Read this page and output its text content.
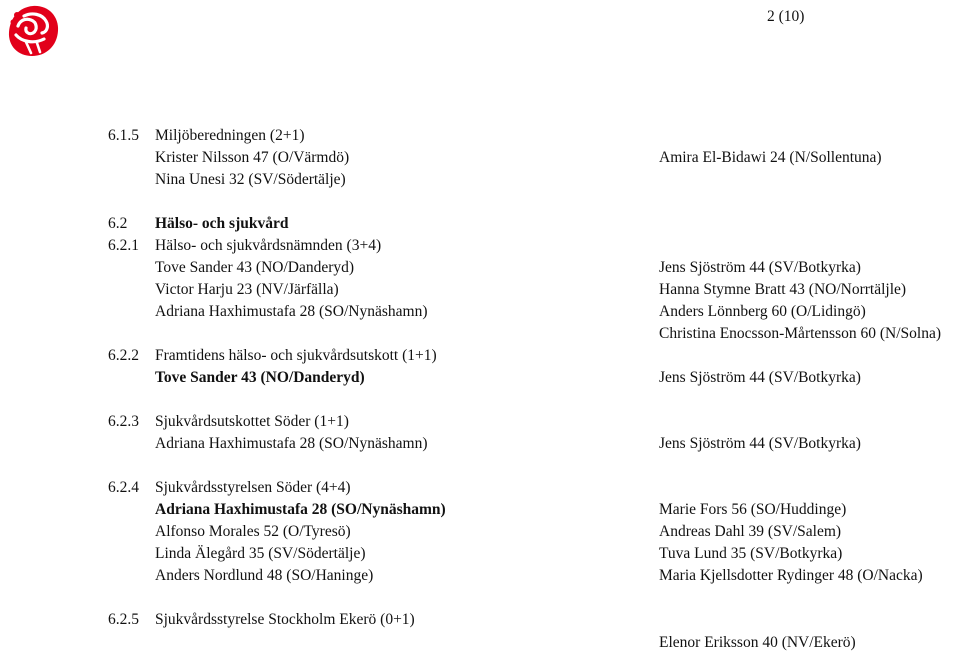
2 (10)
6.1.5 Miljöberedningen (2+1)
Krister Nilsson 47 (O/Värmdö)
Nina Unesi 32 (SV/Södertälje)
Amira El-Bidawi 24 (N/Sollentuna)
6.2 Hälso- och sjukvård
6.2.1 Hälso- och sjukvårdsnämnden (3+4)
Tove Sander 43 (NO/Danderyd)
Victor Harju 23 (NV/Järfälla)
Adriana Haxhimustafa 28 (SO/Nynäshamn)
Jens Sjöström 44 (SV/Botkyrka)
Hanna Stymne Bratt 43 (NO/Norrtäljle)
Anders Lönnberg 60 (O/Lidingö)
Christina Enocsson-Mårtensson 60 (N/Solna)
6.2.2 Framtidens hälso- och sjukvårdsutskott (1+1)
Tove Sander 43 (NO/Danderyd)	Jens Sjöström 44 (SV/Botkyrka)
6.2.3 Sjukvårdsutskottet Söder (1+1)
Adriana Haxhimustafa 28 (SO/Nynäshamn)	Jens Sjöström 44 (SV/Botkyrka)
6.2.4 Sjukvårdsstyrelsen Söder (4+4)
Adriana Haxhimustafa 28 (SO/Nynäshamn)
Alfonso Morales 52 (O/Tyresö)
Linda Älegård 35 (SV/Södertälje)
Anders Nordlund 48 (SO/Haninge)
Marie Fors 56 (SO/Huddinge)
Andreas Dahl 39 (SV/Salem)
Tuva Lund 35 (SV/Botkyrka)
Maria Kjellsdotter Rydinger 48 (O/Nacka)
6.2.5 Sjukvårdsstyrelse Stockholm Ekerö (0+1)
Elenor Eriksson 40 (NV/Ekerö)
